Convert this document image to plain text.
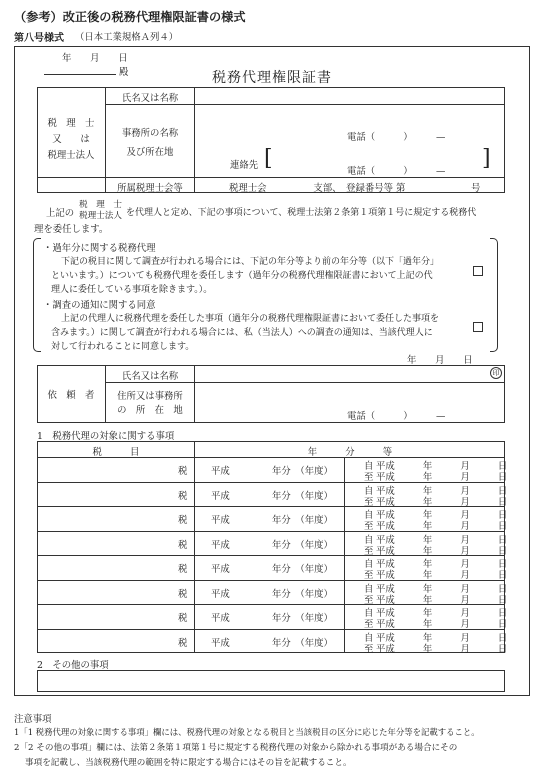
（参考）改正後の税務代理権限証書の様式
第八号様式 （日本工業規格Ａ列４）
年　　月　　日
殿	税務代理権限証書
税　理　士
又　　は
税理士法人
氏名又は名称
事務所の名称
及び所在地
電話（　　　）　　　—
連絡先 [	]
電話（　　　）　　　—
所属税理士会等	税理士会　　　　　支部、　登録番号等 第　　　　　　　号
上記の
税　理　士
税理士法人 を代理人と定め、下記の事項について、税理士法第２条第１項第１号に規定する税務代
理を委任します。
・過年分に関する税務代理
下記の税目に関して調査が行われる場合には、下記の年分等より前の年分等（以下「過年分」
といいます。）についても税務代理を委任します（過年分の税務代理権限証書において上記の代
理人に委任している事項を除きます。）。
・調査の通知に関する同意
上記の代理人に税務代理を委任した事項（過年分の税務代理権限証書において委任した事項を
含みます。）に関して調査が行われる場合には、私（当法人）への調査の通知は、当該代理人に
対して行われることに同意します。
年　　月　　日
依　頼　者
氏名又は名称	印
住所又は事務所
の　所　在　地
電話（　　　）　　　—
1　税務代理の対象に関する事項
税　　　目	年　　　分　　　等
税	平成	年分　（年度）	自 平成　　　年　　　月　　　日
至 平成　　　年　　　月　　　日
税	平成	年分　（年度）	自 平成　　　年　　　月　　　日
至 平成　　　年　　　月　　　日
税	平成	年分　（年度）	自 平成　　　年　　　月　　　日
至 平成　　　年　　　月　　　日
税	平成	年分　（年度）	自 平成　　　年　　　月　　　日
至 平成　　　年　　　月　　　日
税	平成	年分　（年度）	自 平成　　　年　　　月　　　日
至 平成　　　年　　　月　　　日
税	平成	年分　（年度）	自 平成　　　年　　　月　　　日
至 平成　　　年　　　月　　　日
税	平成	年分　（年度）	自 平成　　　年　　　月　　　日
至 平成　　　年　　　月　　　日
税	平成	年分　（年度）	自 平成　　　年　　　月　　　日
至 平成　　　年　　　月　　　日
2　その他の事項
注意事項
1「1 税務代理の対象に関する事項」欄には、税務代理の対象となる税目と当該税目の区分に応じた年分等を記載すること。
2「2 その他の事項」欄には、法第２条第１項第１号に規定する税務代理の対象から除かれる事項がある場合にその
事項を記載し、当該税務代理の範囲を特に限定する場合にはその旨を記載すること。
